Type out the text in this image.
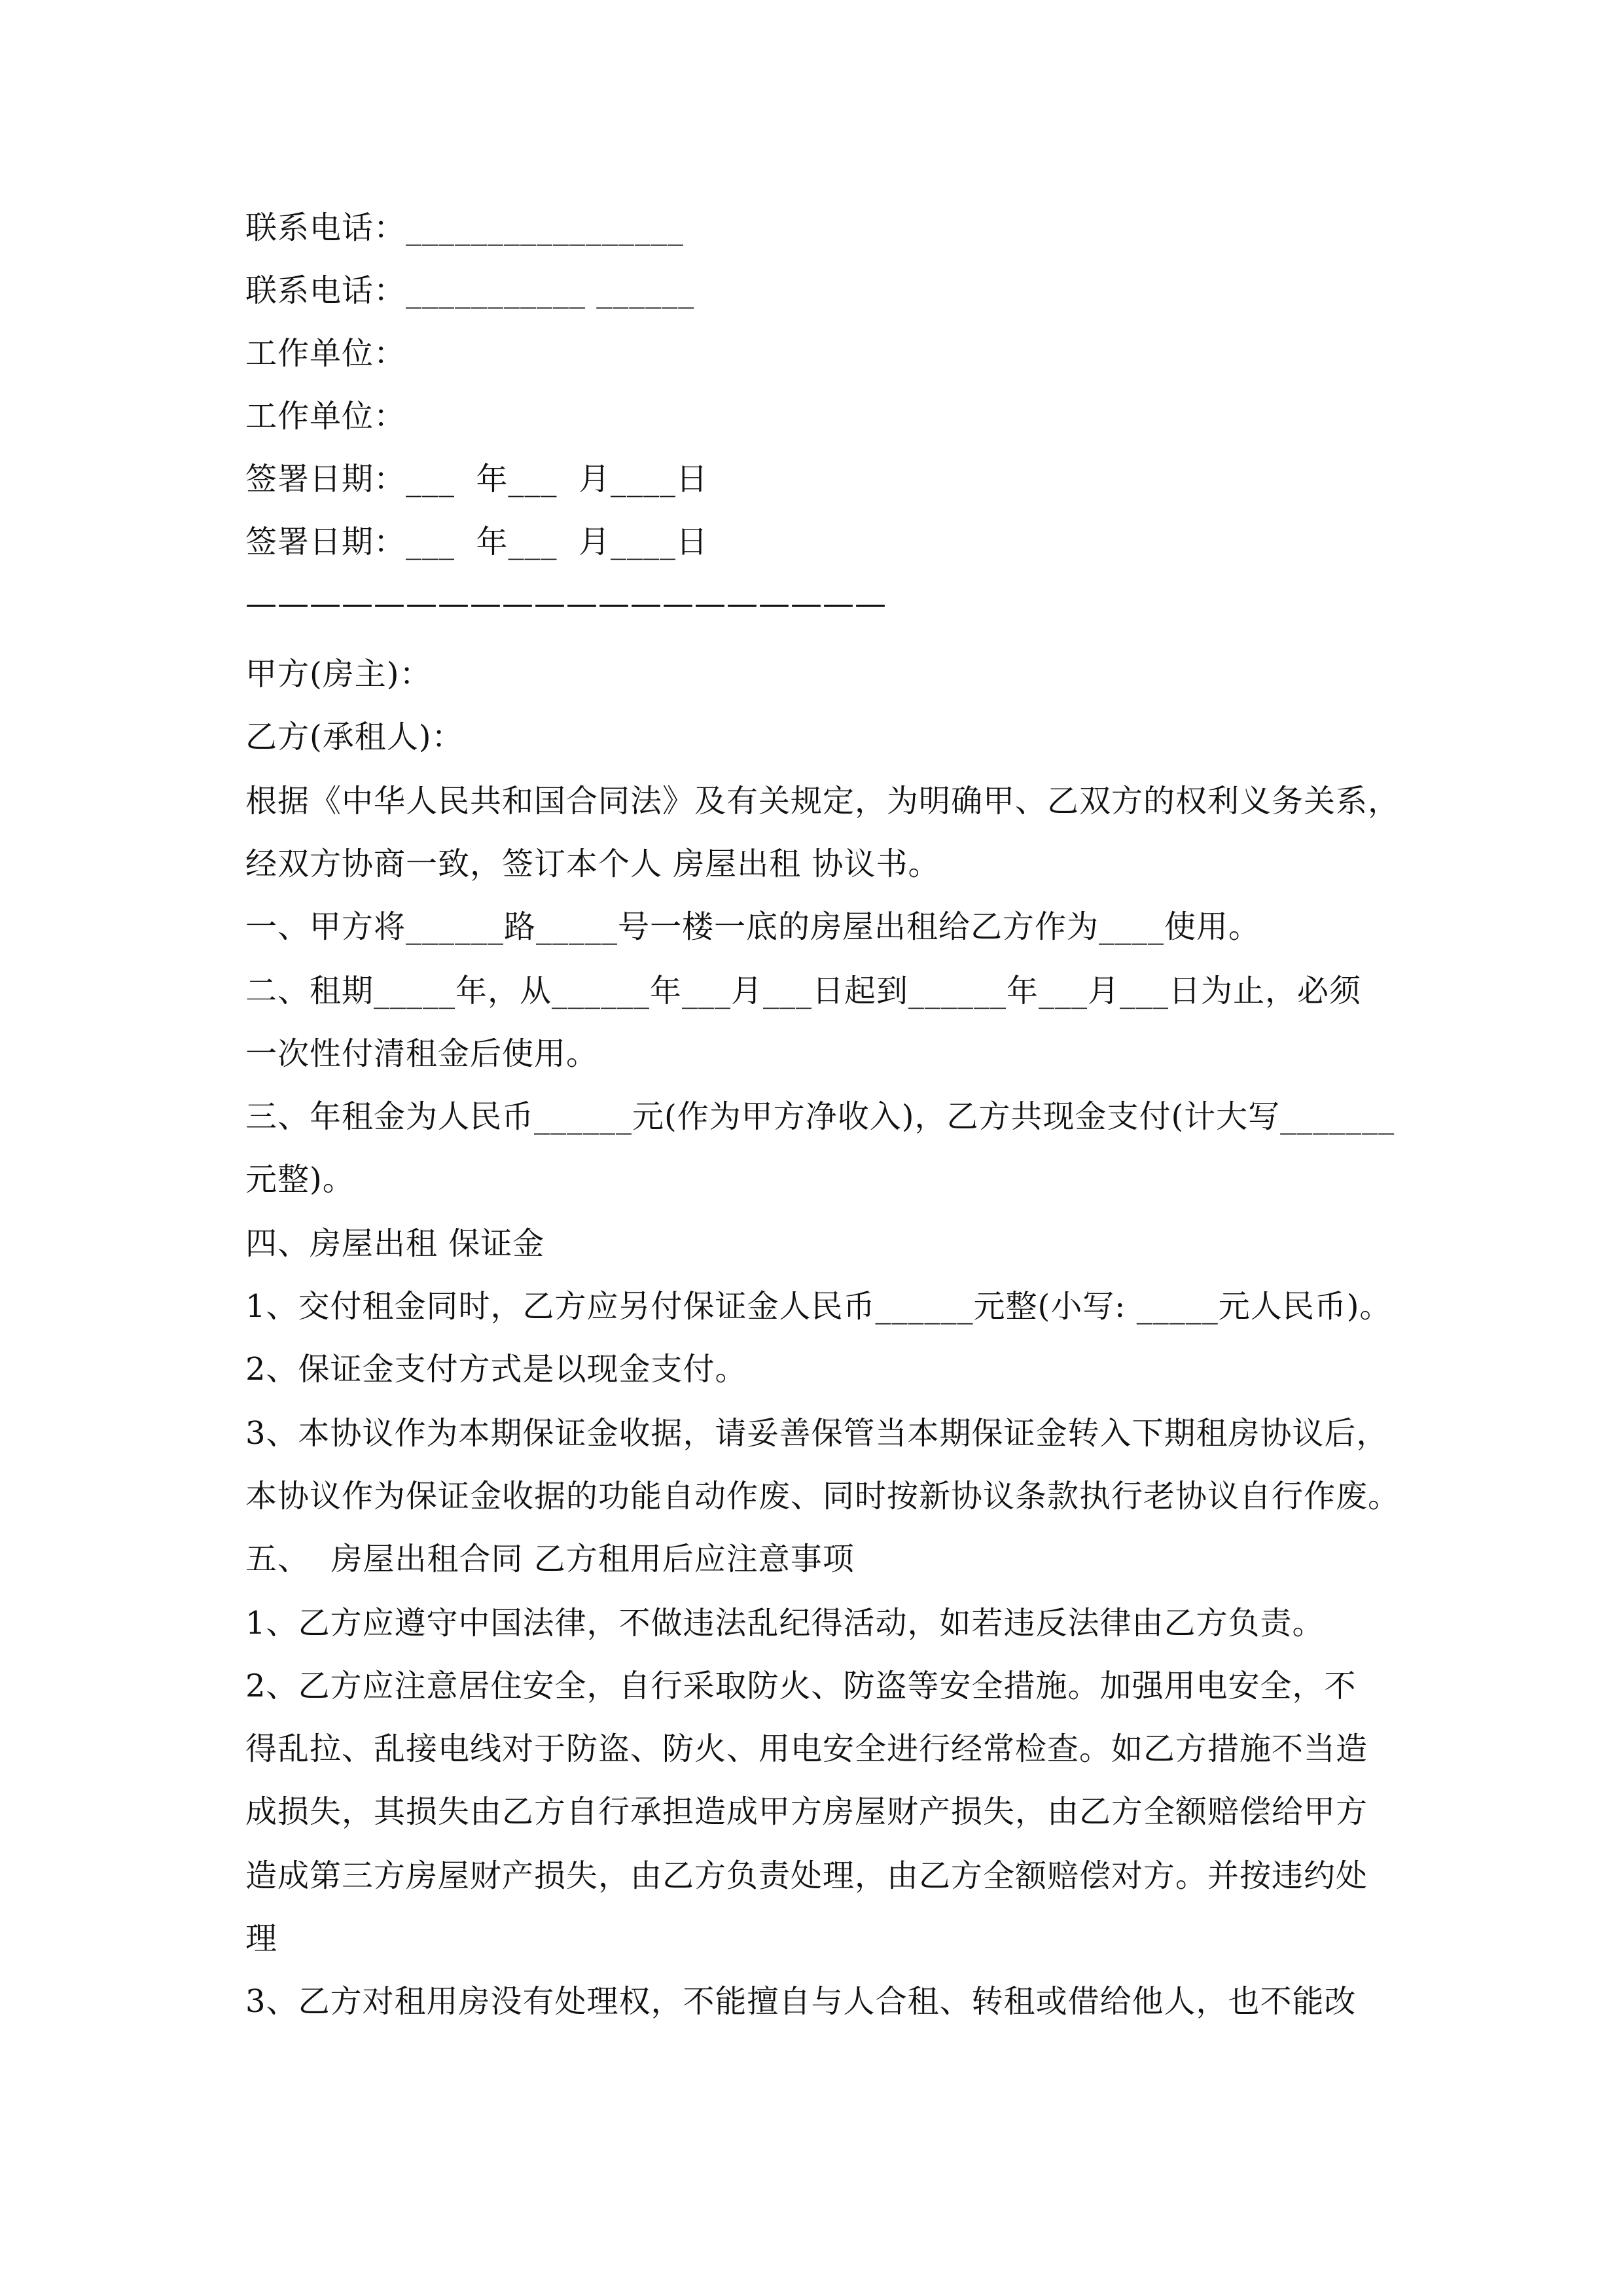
联系电话：_________________
联系电话：___________ ______
工作单位：
工作单位：
签署日期：___  年___  月____日
签署日期：___  年___  月____日
————————————————————
甲方(房主)：
乙方(承租人)：
根据《中华人民共和国合同法》及有关规定，为明确甲、乙双方的权利义务关系，
经双方协商一致，签订本个人 房屋出租 协议书。
一、甲方将______路_____号一楼一底的房屋出租给乙方作为____使用。
二、租期_____年，从______年___月___日起到______年___月___日为止，必须
一次性付清租金后使用。
三、年租金为人民币______元(作为甲方净收入)，乙方共现金支付(计大写_______
元整)。
四、房屋出租 保证金
1、交付租金同时，乙方应另付保证金人民币______元整(小写: _____元人民币)。
2、保证金支付方式是以现金支付。
3、本协议作为本期保证金收据，请妥善保管当本期保证金转入下期租房协议后，
本协议作为保证金收据的功能自动作废、同时按新协议条款执行老协议自行作废。
五、  房屋出租合同 乙方租用后应注意事项
1、乙方应遵守中国法律，不做违法乱纪得活动，如若违反法律由乙方负责。
2、乙方应注意居住安全，自行采取防火、防盗等安全措施。加强用电安全，不
得乱拉、乱接电线对于防盗、防火、用电安全进行经常检查。如乙方措施不当造
成损失，其损失由乙方自行承担造成甲方房屋财产损失，由乙方全额赔偿给甲方
造成第三方房屋财产损失，由乙方负责处理，由乙方全额赔偿对方。并按违约处
理
3、乙方对租用房没有处理权，不能擅自与人合租、转租或借给他人，也不能改
